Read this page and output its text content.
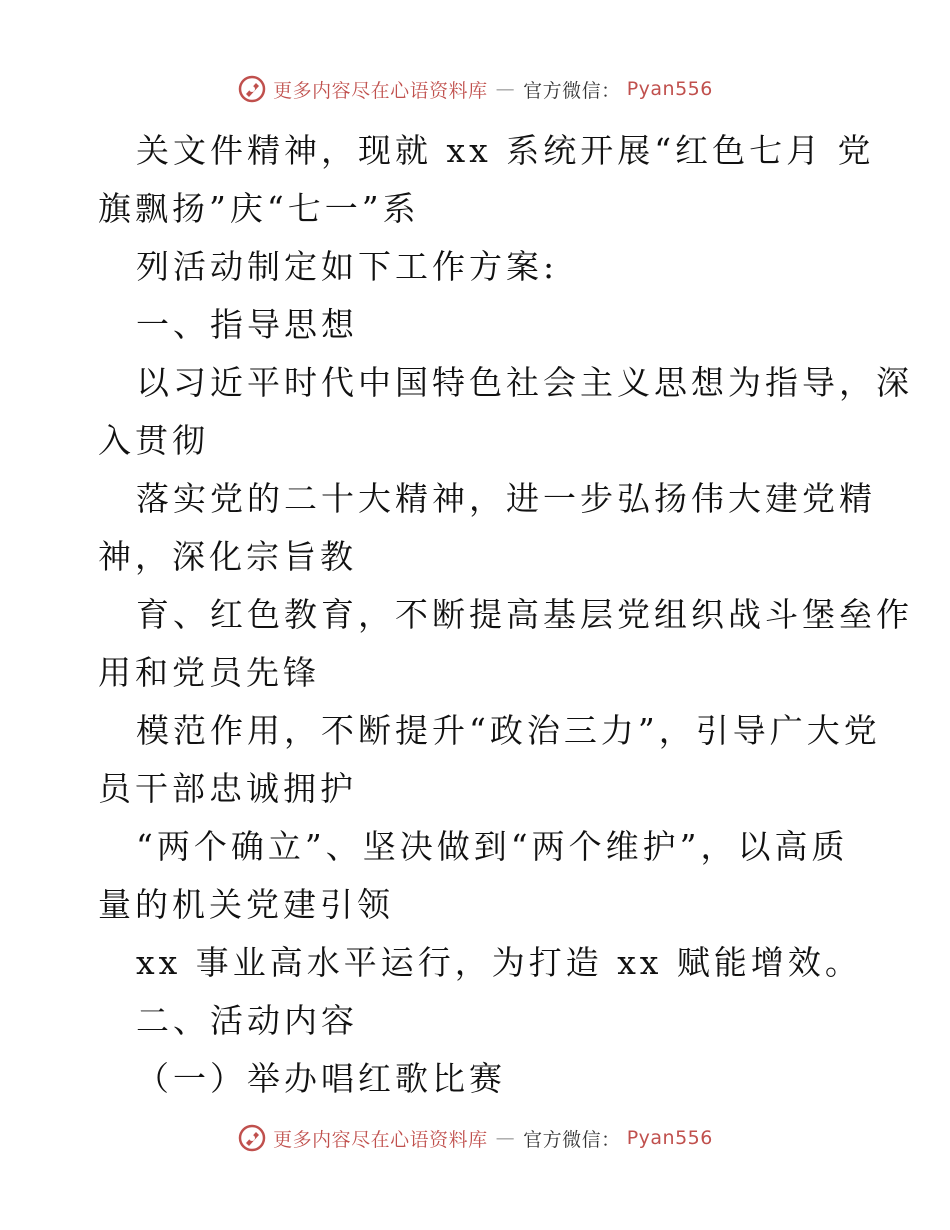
更多内容尽在心语资料库 — 官方微信： Pyan556
关文件精神，现就 xx 系统开展“红色七月 党
旗飘扬”庆“七一”系
列活动制定如下工作方案:
一、指导思想
以习近平时代中国特色社会主义思想为指导，深
入贯彻
落实党的二十大精神，进一步弘扬伟大建党精
神，深化宗旨教
育、红色教育，不断提高基层党组织战斗堡垒作
用和党员先锋
模范作用，不断提升“政治三力”，引导广大党
员干部忠诚拥护
“两个确立”、坚决做到“两个维护”，以高质
量的机关党建引领
xx 事业高水平运行，为打造 xx 赋能增效。
二、活动内容
（一）举办唱红歌比赛
更多内容尽在心语资料库 — 官方微信： Pyan556
